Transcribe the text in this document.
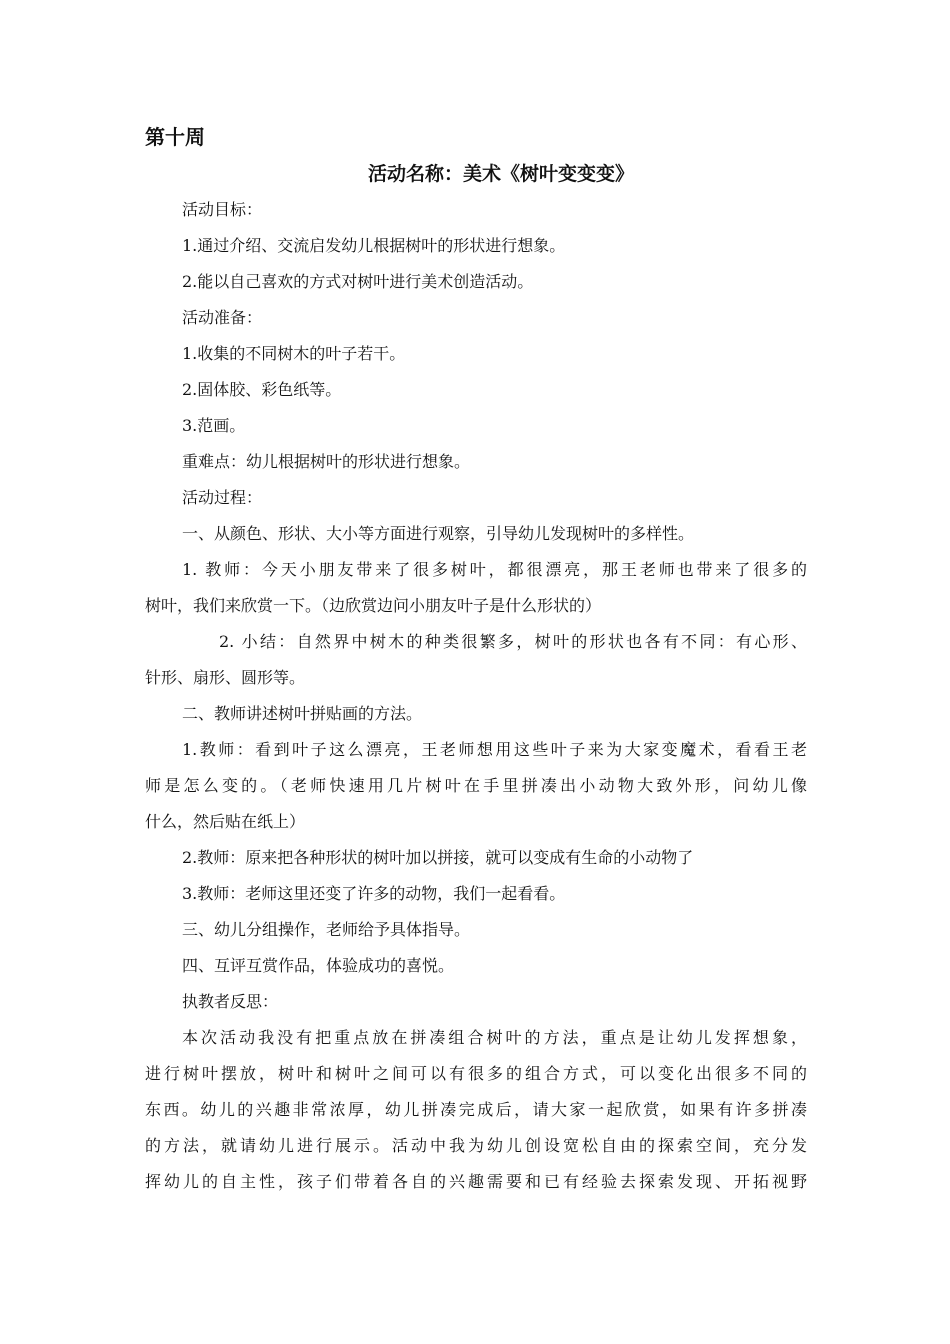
第十周

活动名称：美术《树叶变变变》

活动目标：

1.通过介绍、交流启发幼儿根据树叶的形状进行想象。

2.能以自己喜欢的方式对树叶进行美术创造活动。

活动准备：

1.收集的不同树木的叶子若干。

2.固体胶、彩色纸等。

3.范画。

重难点：幼儿根据树叶的形状进行想象。

活动过程：

一、从颜色、形状、大小等方面进行观察，引导幼儿发现树叶的多样性。

1. 教师：今天小朋友带来了很多树叶，都很漂亮，那王老师也带来了很多的

树叶，我们来欣赏一下。（边欣赏边问小朋友叶子是什么形状的）

2. 小结：自然界中树木的种类很繁多，树叶的形状也各有不同：有心形、

针形、扇形、圆形等。

二、教师讲述树叶拼贴画的方法。

1.教师：看到叶子这么漂亮，王老师想用这些叶子来为大家变魔术，看看王老

师是怎么变的。（老师快速用几片树叶在手里拼凑出小动物大致外形，问幼儿像

什么，然后贴在纸上）

2.教师：原来把各种形状的树叶加以拼接，就可以变成有生命的小动物了

3.教师：老师这里还变了许多的动物，我们一起看看。

三、幼儿分组操作，老师给予具体指导。

四、互评互赏作品，体验成功的喜悦。

执教者反思：

本次活动我没有把重点放在拼凑组合树叶的方法，重点是让幼儿发挥想象，

进行树叶摆放，树叶和树叶之间可以有很多的组合方式，可以变化出很多不同的

东西。幼儿的兴趣非常浓厚，幼儿拼凑完成后，请大家一起欣赏，如果有许多拼凑

的方法，就请幼儿进行展示。活动中我为幼儿创设宽松自由的探索空间，充分发

挥幼儿的自主性，孩子们带着各自的兴趣需要和已有经验去探索发现、开拓视野
